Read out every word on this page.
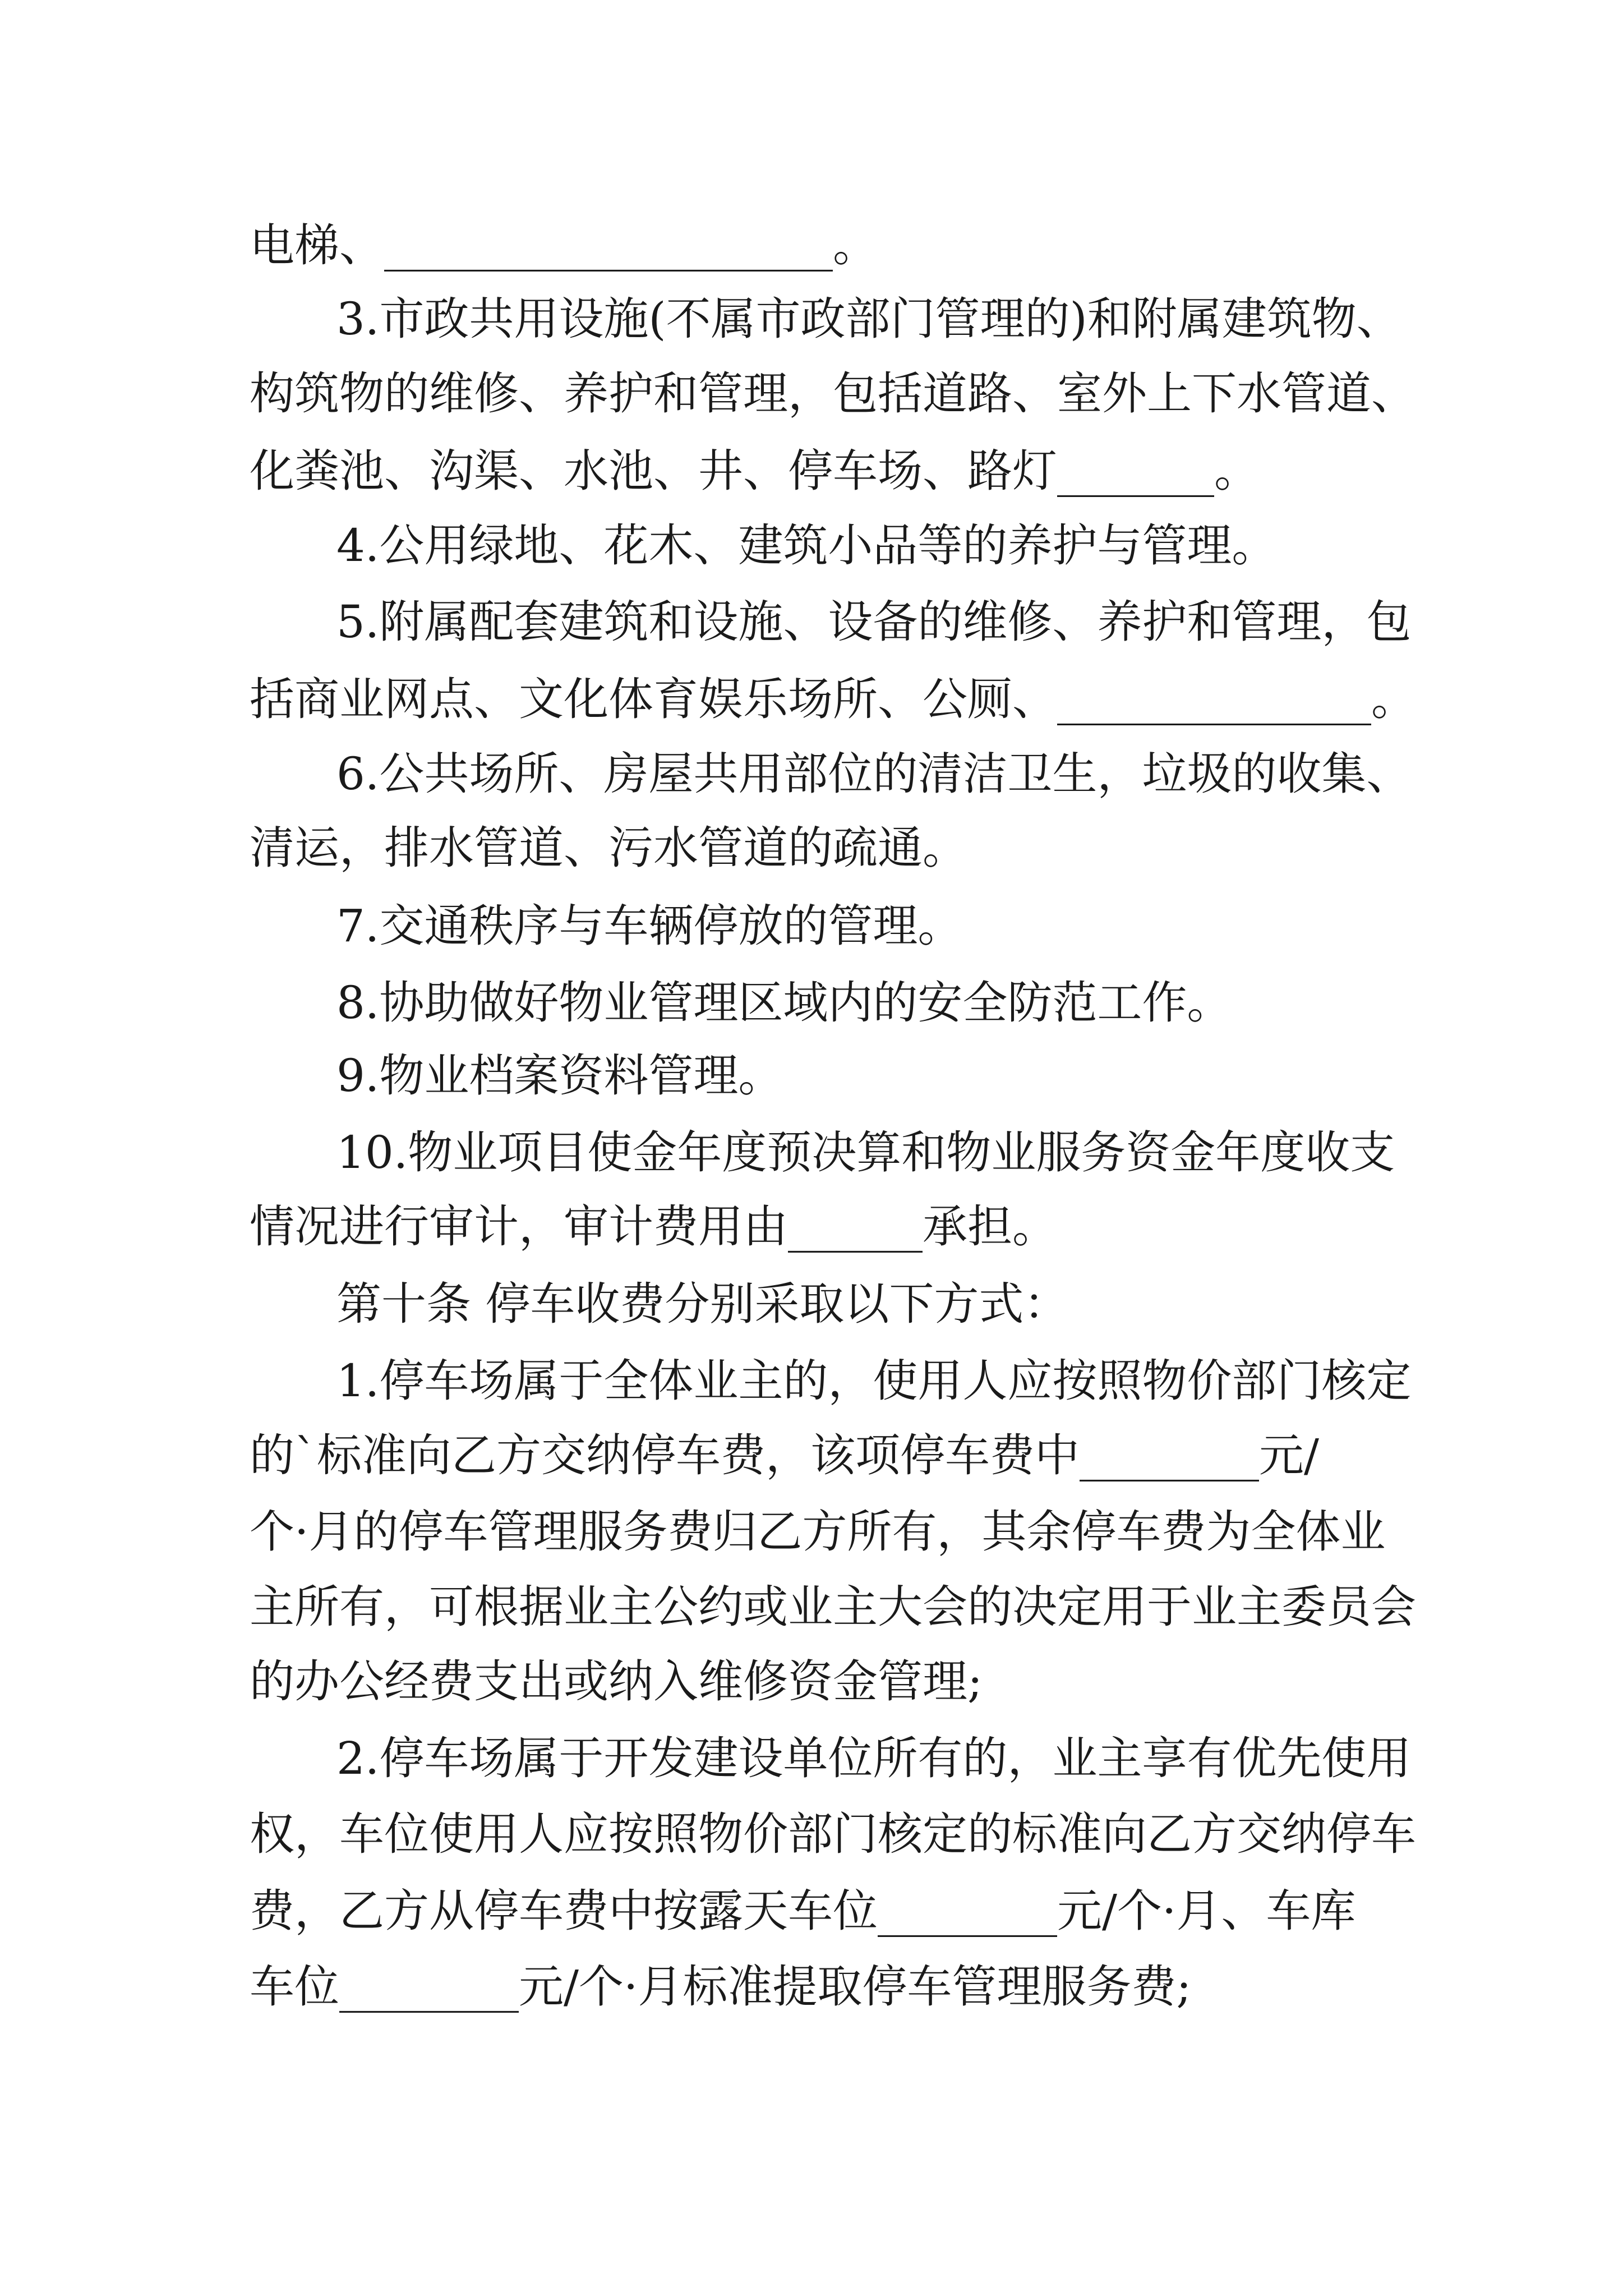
电梯、____________________。
3.市政共用设施(不属市政部门管理的)和附属建筑物、
构筑物的维修、养护和管理，包括道路、室外上下水管道、
化粪池、沟渠、水池、井、停车场、路灯_______。
4.公用绿地、花木、建筑小品等的养护与管理。
5.附属配套建筑和设施、设备的维修、养护和管理，包
括商业网点、文化体育娱乐场所、公厕、______________。
6.公共场所、房屋共用部位的清洁卫生，垃圾的收集、
清运，排水管道、污水管道的疏通。
7.交通秩序与车辆停放的管理。
8.协助做好物业管理区域内的安全防范工作。
9.物业档案资料管理。
10.物业项目使金年度预决算和物业服务资金年度收支
情况进行审计，审计费用由______承担。
第十条 停车收费分别采取以下方式：
1.停车场属于全体业主的，使用人应按照物价部门核定
的`标准向乙方交纳停车费，该项停车费中________元/
个·月的停车管理服务费归乙方所有，其余停车费为全体业
主所有，可根据业主公约或业主大会的决定用于业主委员会
的办公经费支出或纳入维修资金管理;
2.停车场属于开发建设单位所有的，业主享有优先使用
权，车位使用人应按照物价部门核定的标准向乙方交纳停车
费，乙方从停车费中按露天车位________元/个·月、车库
车位________元/个·月标准提取停车管理服务费;
